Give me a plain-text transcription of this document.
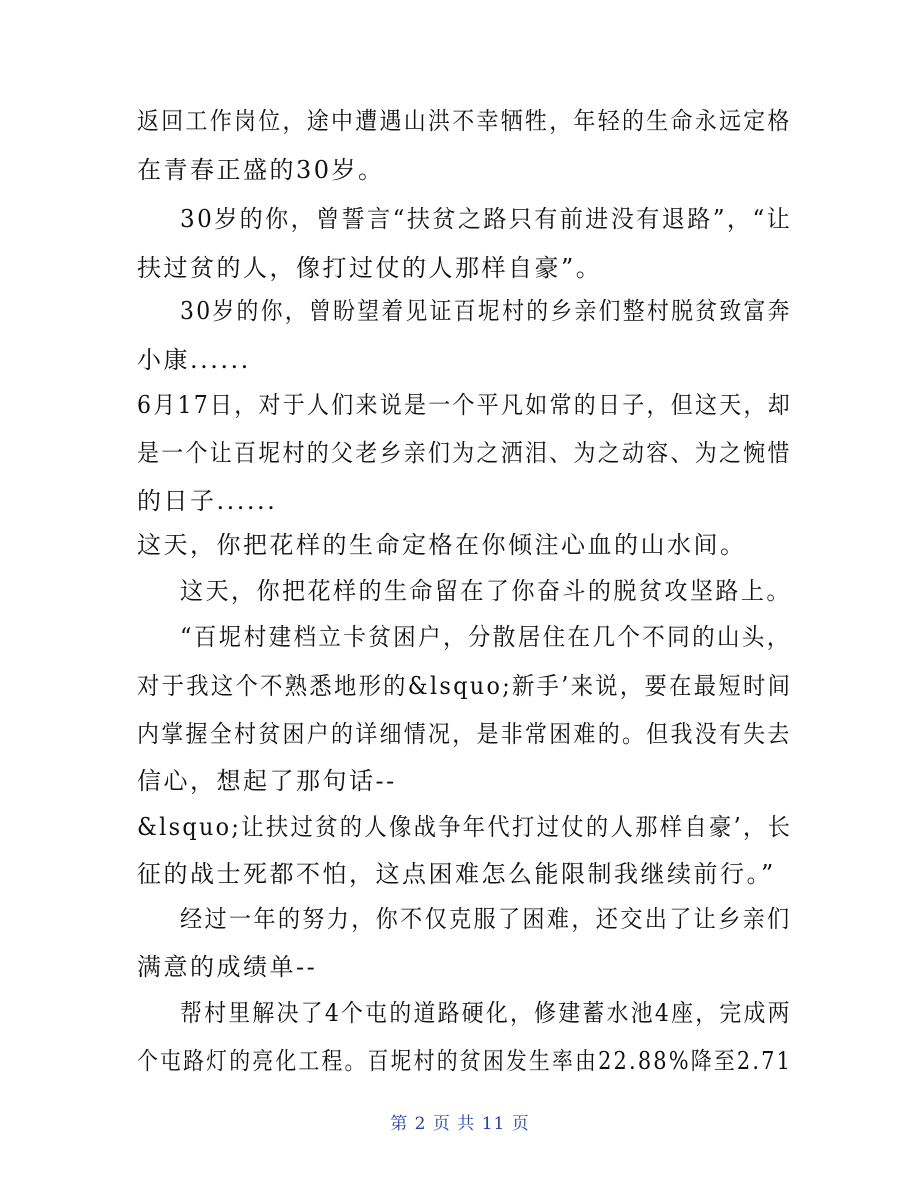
返回工作岗位，途中遭遇山洪不幸牺牲，年轻的生命永远定格
在青春正盛的30岁。
30岁的你，曾誓言“扶贫之路只有前进没有退路”，“让
扶过贫的人，像打过仗的人那样自豪”。
30岁的你，曾盼望着见证百坭村的乡亲们整村脱贫致富奔
小康......
6月17日，对于人们来说是一个平凡如常的日子，但这天，却
是一个让百坭村的父老乡亲们为之洒泪、为之动容、为之惋惜
的日子......
这天，你把花样的生命定格在你倾注心血的山水间。
这天，你把花样的生命留在了你奋斗的脱贫攻坚路上。
“百坭村建档立卡贫困户，分散居住在几个不同的山头，
对于我这个不熟悉地形的&lsquo;新手’来说，要在最短时间
内掌握全村贫困户的详细情况，是非常困难的。但我没有失去
信心，想起了那句话--
&lsquo;让扶过贫的人像战争年代打过仗的人那样自豪’，长
征的战士死都不怕，这点困难怎么能限制我继续前行。”
经过一年的努力，你不仅克服了困难，还交出了让乡亲们
满意的成绩单--
帮村里解决了4个屯的道路硬化，修建蓄水池4座，完成两
个屯路灯的亮化工程。百坭村的贫困发生率由22.88%降至2.71
第 2 页 共 11 页
